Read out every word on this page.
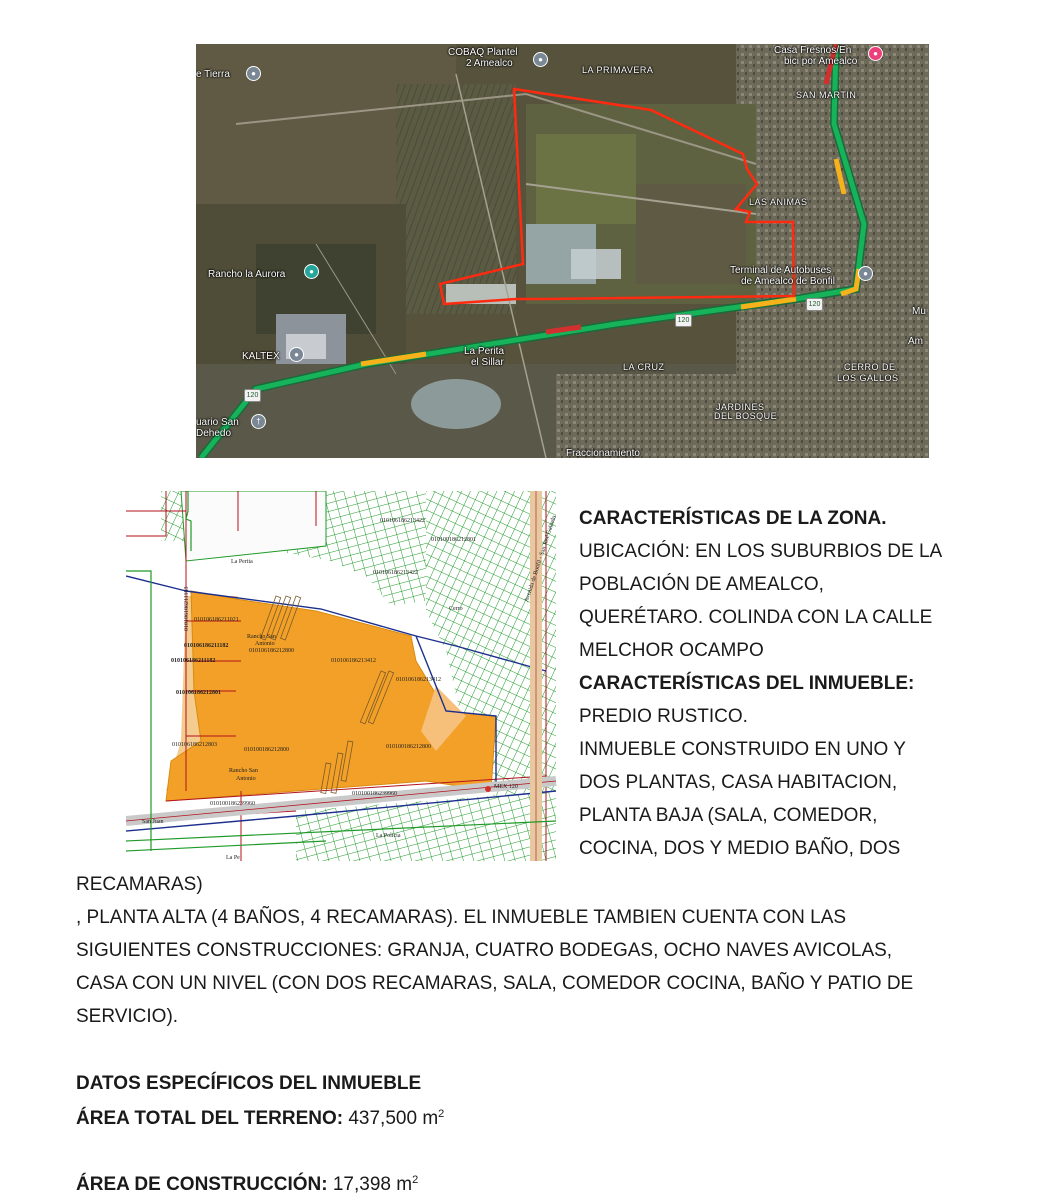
e Tierra	●
COBAQ Plantel
2 Amealco	●
LA PRIMAVERA
Casa Fresnos/En
bici por Amealco
●
SAN MARTIN
LAS ANIMAS
Rancho la Aurora	●	Terminal de Autobuses
de Amealco de Bonfil
●
KALTEX	●	La Perita
el Sillar	LA CRUZ	CERRO DE
LOS GALLOS
JARDINES
DEL BOSQUE
uario San
Dehedo
†
Fraccionamiento
Mu
Am
120
120
120
010106186213422
010100186212801
010106186213422
010106186211021
010106186212800
010106186213412
010106186213412
010106186211182
010106186211182
010106186212801
010106186212803
010100186212800	010100186212800
010100186239960
010100186239960
010106186211183
Rancho San
Antonio
Rancho San
Antonio
La Perita
La Pe
MEX 120
Avenida de Bonfil - San José Galindo
La Policía
San Juan
Cerro
CARACTERÍSTICAS DE LA ZONA.
UBICACIÓN: EN LOS SUBURBIOS DE LA
POBLACIÓN DE AMEALCO,
QUERÉTARO. COLINDA CON LA CALLE
MELCHOR OCAMPO
CARACTERÍSTICAS DEL INMUEBLE:
PREDIO RUSTICO.
INMUEBLE CONSTRUIDO EN UNO Y
DOS PLANTAS, CASA HABITACION,
PLANTA BAJA (SALA, COMEDOR,
COCINA, DOS Y MEDIO BAÑO, DOS
RECAMARAS)
, PLANTA ALTA (4 BAÑOS, 4 RECAMARAS). EL INMUEBLE TAMBIEN CUENTA CON LAS
SIGUIENTES CONSTRUCCIONES: GRANJA, CUATRO BODEGAS, OCHO NAVES AVICOLAS,
CASA CON UN NIVEL (CON DOS RECAMARAS, SALA, COMEDOR COCINA, BAÑO Y PATIO DE
SERVICIO).
DATOS ESPECÍFICOS DEL INMUEBLE
ÁREA TOTAL DEL TERRENO: 437,500 $m^2$
ÁREA DE CONSTRUCCIÓN: 17,398 $m^2$
